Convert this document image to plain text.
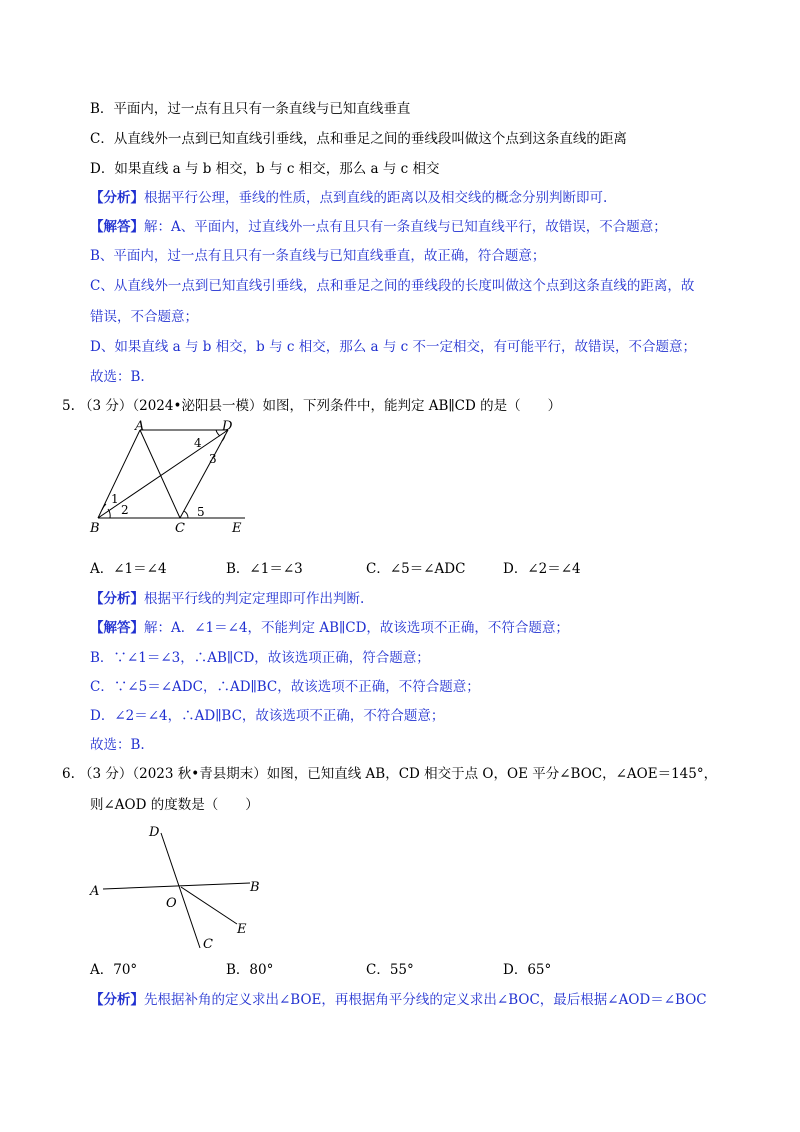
B．平面内，过一点有且只有一条直线与已知直线垂直
C．从直线外一点到已知直线引垂线，点和垂足之间的垂线段叫做这个点到这条直线的距离
D．如果直线 a 与 b 相交，b 与 c 相交，那么 a 与 c 相交
【分析】根据平行公理，垂线的性质，点到直线的距离以及相交线的概念分别判断即可.
【解答】解：A、平面内，过直线外一点有且只有一条直线与已知直线平行，故错误，不合题意；
B、平面内，过一点有且只有一条直线与已知直线垂直，故正确，符合题意；
C、从直线外一点到已知直线引垂线，点和垂足之间的垂线段的长度叫做这个点到这条直线的距离，故
错误，不合题意；
D、如果直线 a 与 b 相交，b 与 c 相交，那么 a 与 c 不一定相交，有可能平行，故错误，不合题意；
故选：B.
5. （3 分）（2024•泌阳县一模）如图，下列条件中，能判定 AB∥CD 的是（　　）
A	D
B	C	E
1
2
3
4
5
A．∠1＝∠4	B．∠1＝∠3	C．∠5＝∠ADC	D．∠2＝∠4
【分析】根据平行线的判定定理即可作出判断.
【解答】解：A．∠1＝∠4，不能判定 AB∥CD，故该选项不正确，不符合题意；
B．∵∠1＝∠3，∴AB∥CD，故该选项正确，符合题意；
C．∵∠5＝∠ADC，∴AD∥BC，故该选项不正确，不符合题意；
D．∠2＝∠4，∴AD∥BC，故该选项不正确，不符合题意；
故选：B.
6. （3 分）（2023 秋•青县期末）如图，已知直线 AB，CD 相交于点 O，OE 平分∠BOC，∠AOE＝145°，
则∠AOD 的度数是（　　）
D
A	B
O
E
C
A．70°	B．80°	C．55°	D．65°
【分析】先根据补角的定义求出∠BOE，再根据角平分线的定义求出∠BOC，最后根据∠AOD＝∠BOC
